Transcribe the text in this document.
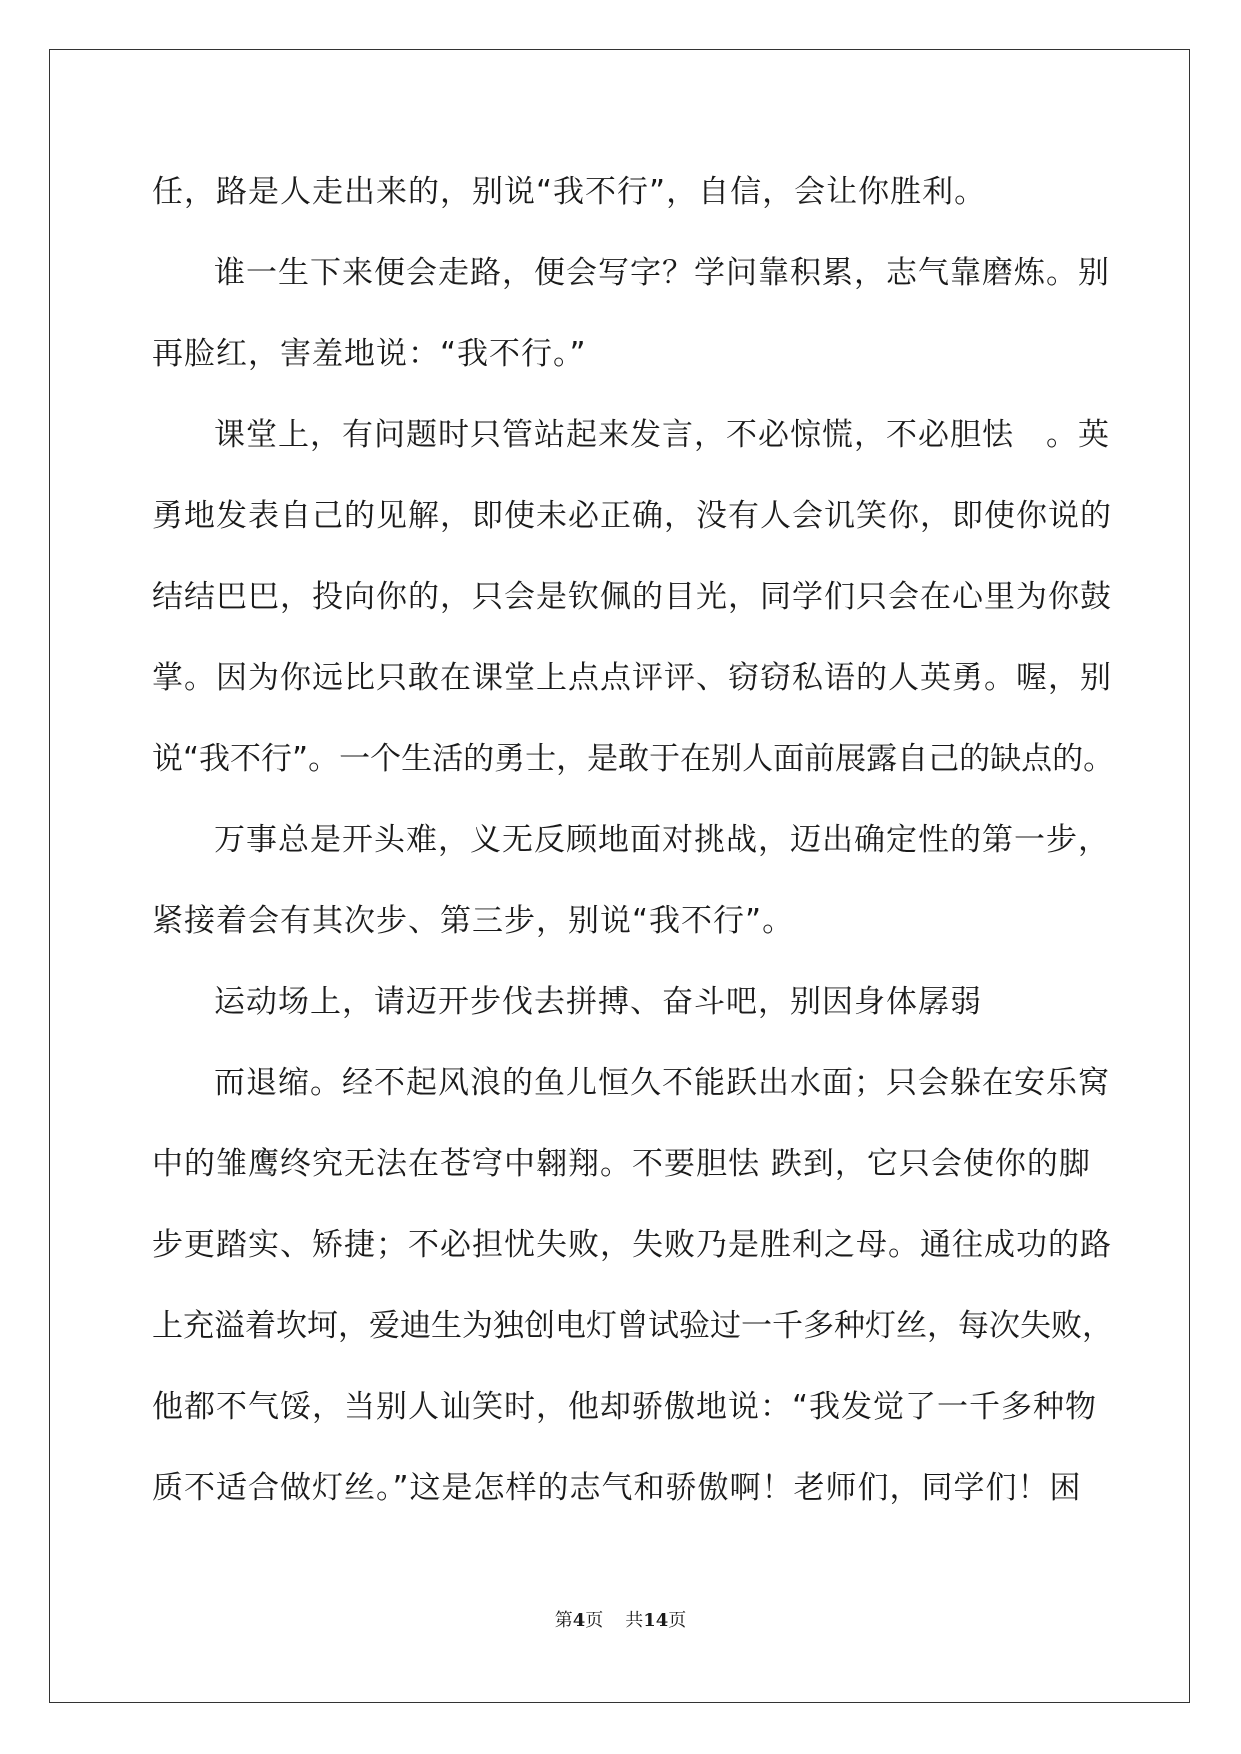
任，路是人走出来的，别说“我不行”，自信，会让你胜利。
谁一生下来便会走路，便会写字？学问靠积累，志气靠磨炼。别
再脸红，害羞地说：“我不行。”
课堂上，有问题时只管站起来发言，不必惊慌，不必胆怯　。英
勇地发表自己的见解，即使未必正确，没有人会讥笑你，即使你说的
结结巴巴，投向你的，只会是钦佩的目光，同学们只会在心里为你鼓
掌。因为你远比只敢在课堂上点点评评、窃窃私语的人英勇。喔，别
说“我不行”。一个生活的勇士，是敢于在别人面前展露自己的缺点的。
万事总是开头难，义无反顾地面对挑战，迈出确定性的第一步，
紧接着会有其次步、第三步，别说“我不行”。
运动场上，请迈开步伐去拼搏、奋斗吧，别因身体孱弱
而退缩。经不起风浪的鱼儿恒久不能跃出水面；只会躲在安乐窝
中的雏鹰终究无法在苍穹中翱翔。不要胆怯 跌到，它只会使你的脚
步更踏实、矫捷；不必担忧失败，失败乃是胜利之母。通往成功的路
上充溢着坎坷，爱迪生为独创电灯曾试验过一千多种灯丝，每次失败，
他都不气馁，当别人讪笑时，他却骄傲地说：“我发觉了一千多种物
质不适合做灯丝。”这是怎样的志气和骄傲啊！老师们，同学们！困
第4页 共14页
